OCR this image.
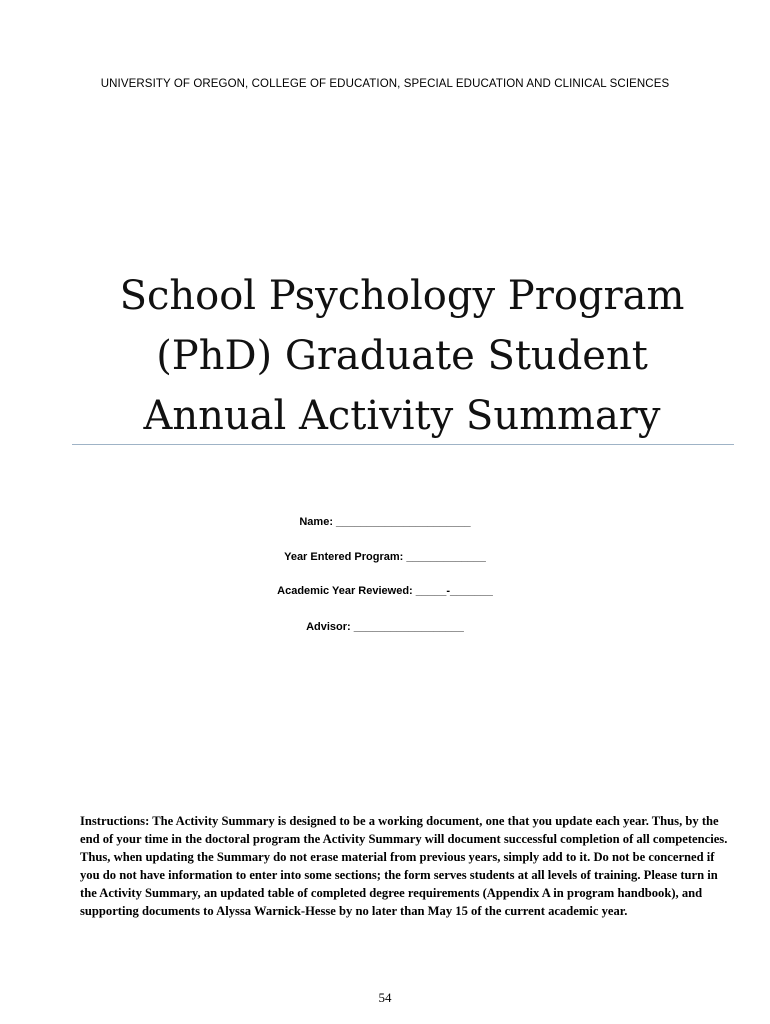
UNIVERSITY OF OREGON, COLLEGE OF EDUCATION, SPECIAL EDUCATION AND CLINICAL SCIENCES
School Psychology Program
(PhD) Graduate Student
Annual Activity Summary
Name: ______________________
Year Entered Program: _____________
Academic Year Reviewed: _____-_______
Advisor: __________________
Instructions: The Activity Summary is designed to be a working document, one that you update each year. Thus, by the end of your time in the doctoral program the Activity Summary will document successful completion of all competencies. Thus, when updating the Summary do not erase material from previous years, simply add to it. Do not be concerned if you do not have information to enter into some sections; the form serves students at all levels of training. Please turn in the Activity Summary, an updated table of completed degree requirements (Appendix A in program handbook), and supporting documents to Alyssa Warnick-Hesse by no later than May 15 of the current academic year.
54
